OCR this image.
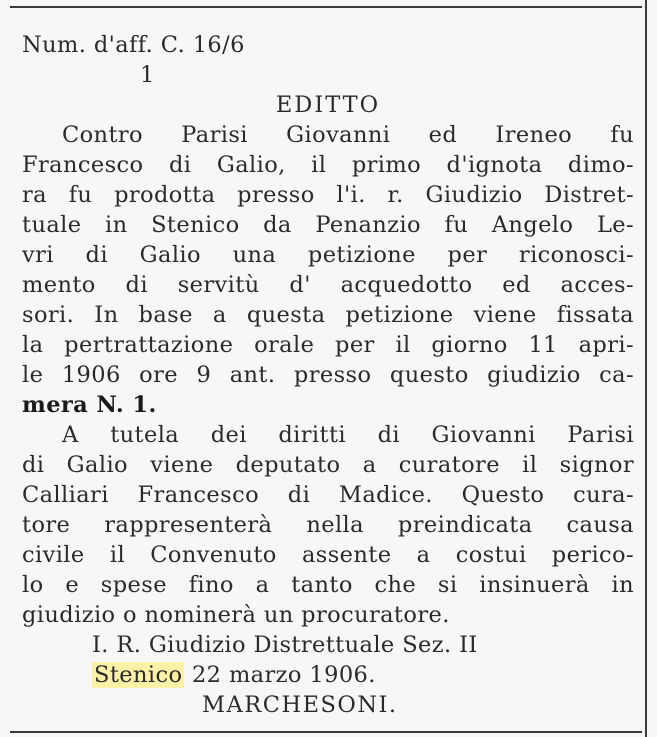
Num. d'aff. C. 16/6
1
EDITTO
Contro Parisi Giovanni ed Ireneo fu
Francesco di Galio, il primo d'ignota dimo-
ra fu prodotta presso l'i. r. Giudizio Distret-
tuale in Stenico da Penanzio fu Angelo Le-
vri di Galio una petizione per riconosci-
mento di servitù d' acquedotto ed acces-
sori. In base a questa petizione viene fissata
la pertrattazione orale per il giorno 11 apri-
le 1906 ore 9 ant. presso questo giudizio ca-
mera N. 1.
A tutela dei diritti di Giovanni Parisi
di Galio viene deputato a curatore il signor
Calliari Francesco di Madice. Questo cura-
tore rappresenterà nella preindicata causa
civile il Convenuto assente a costui perico-
lo e spese fino a tanto che si insinuerà in
giudizio o nominerà un procuratore.
I. R. Giudizio Distrettuale Sez. II
Stenico 22 marzo 1906.
MARCHESONI.
